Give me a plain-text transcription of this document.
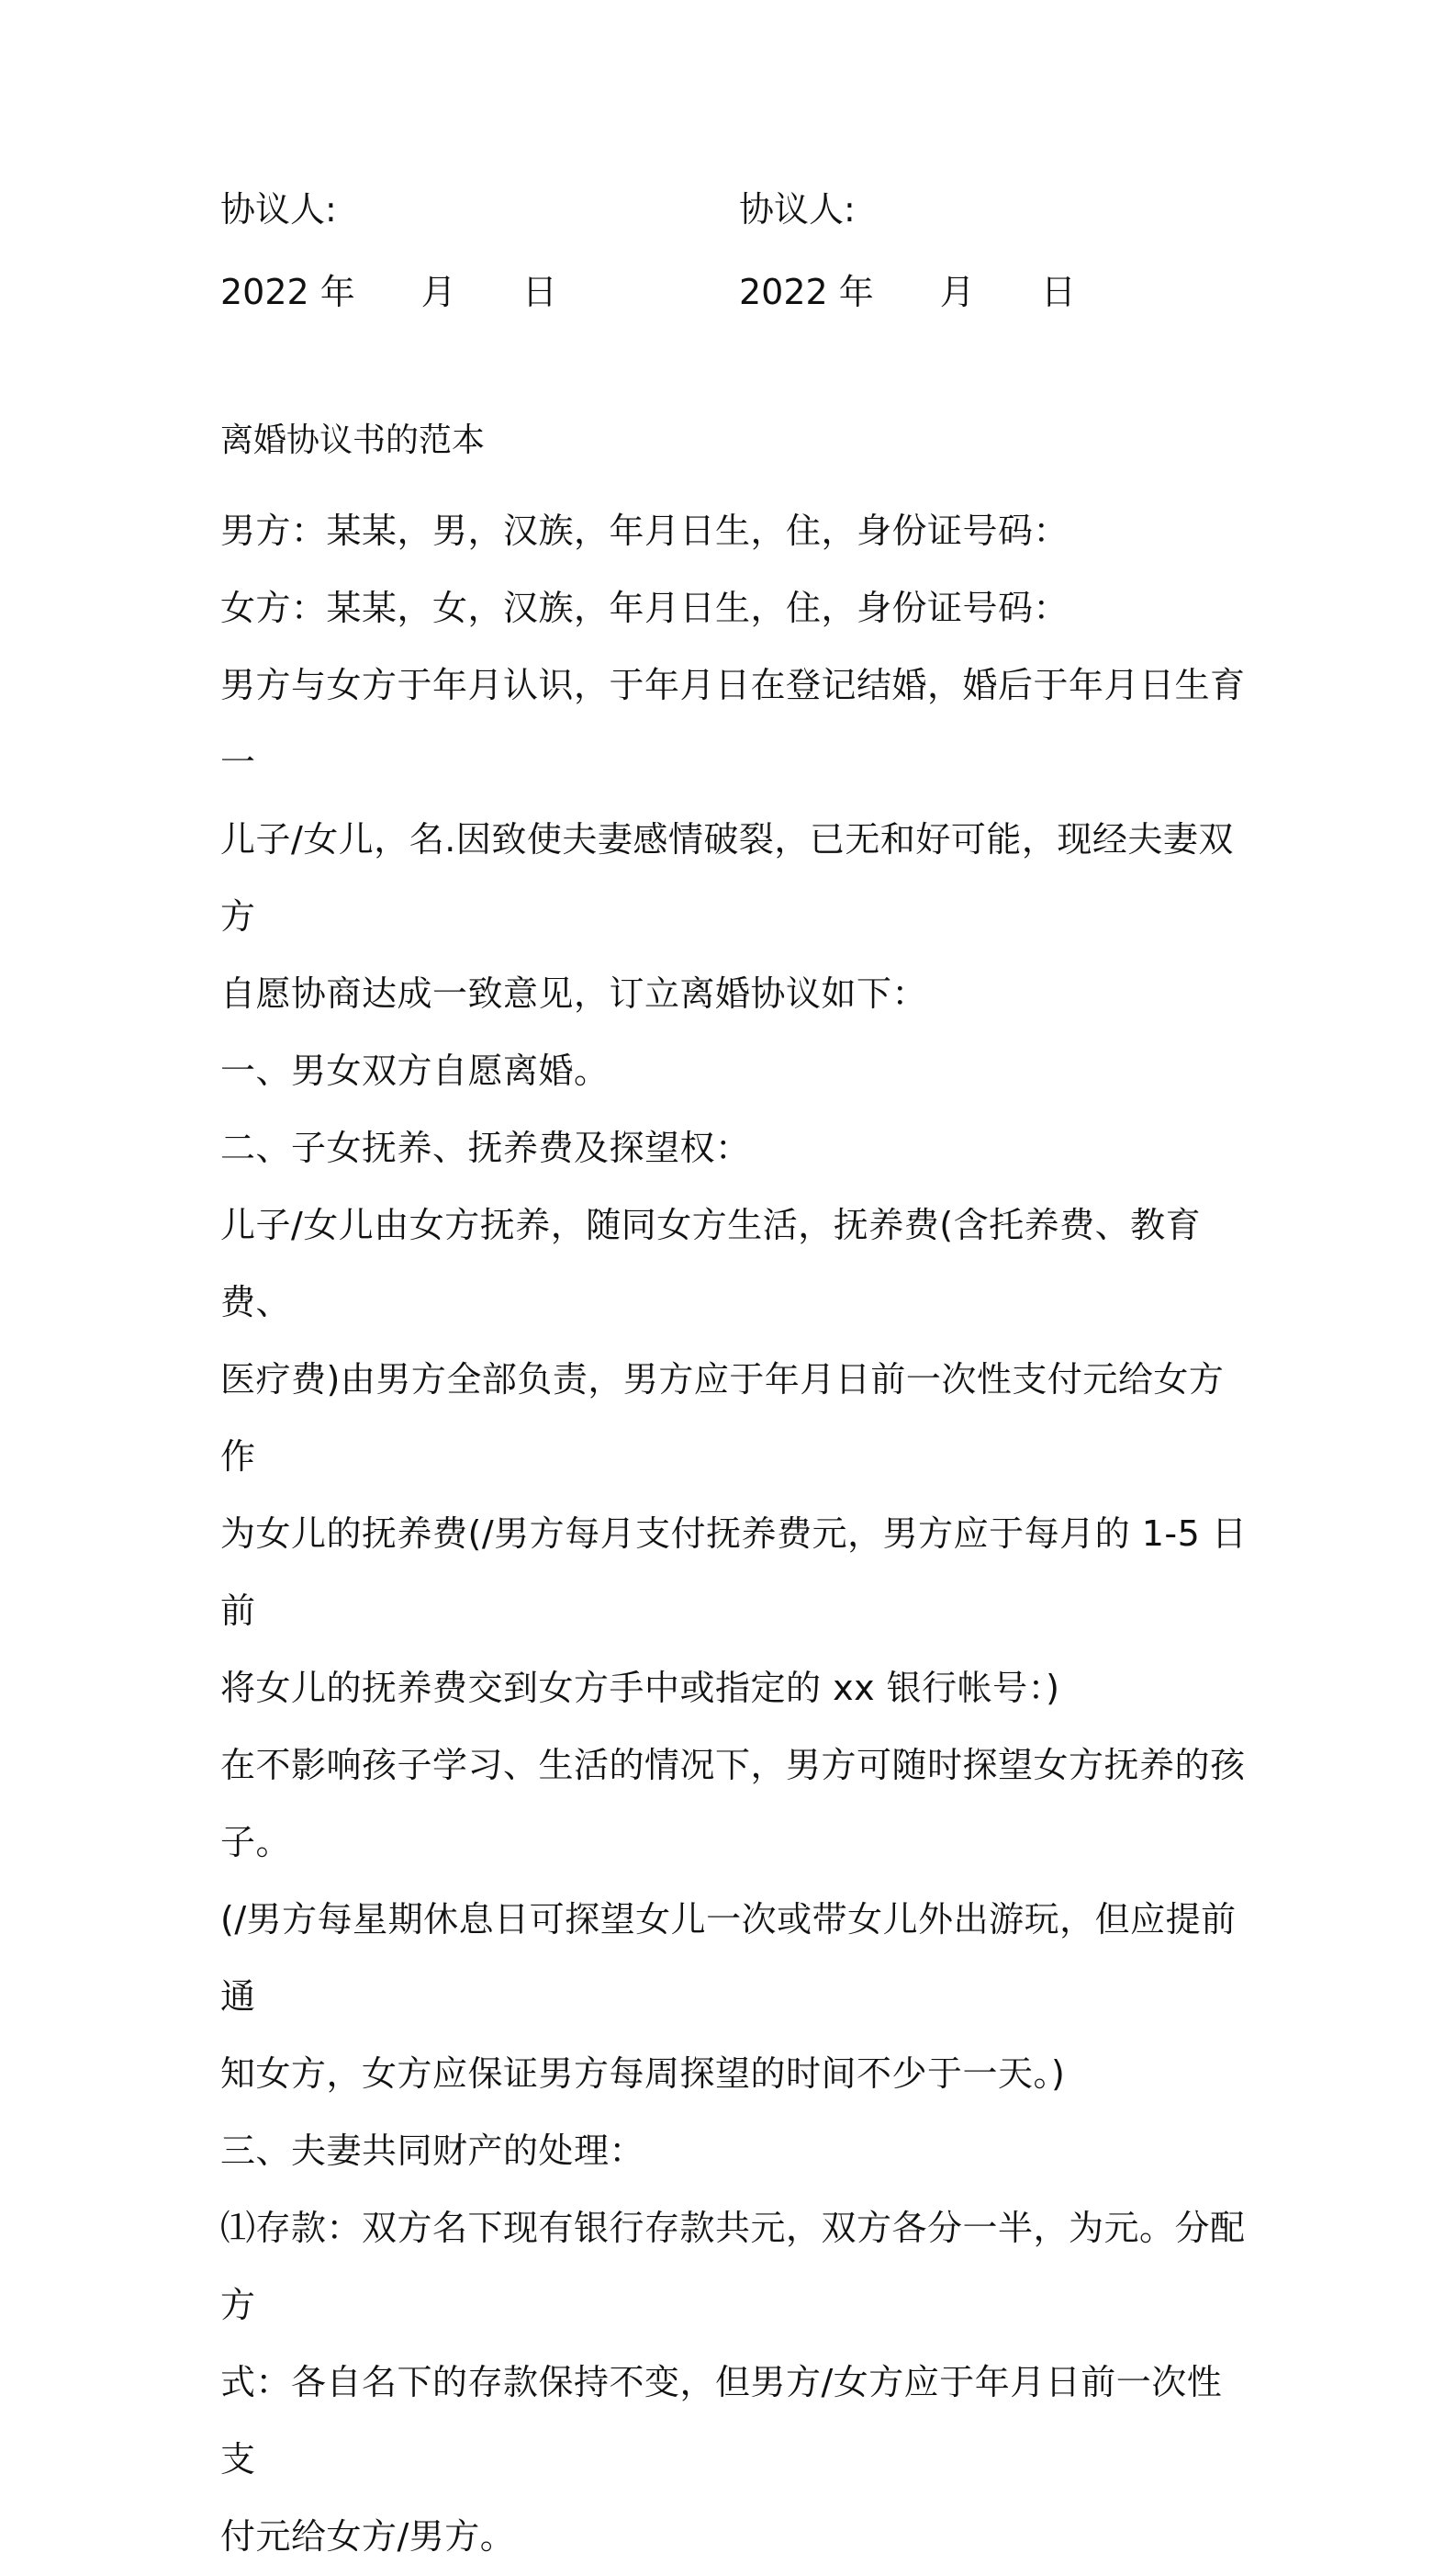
协议人:	协议人:
2022 年 月 日	2022 年 月 日
离婚协议书的范本

男方：某某，男，汉族，年月日生，住，身份证号码：

女方：某某，女，汉族，年月日生，住，身份证号码：

男方与女方于年月认识，于年月日在登记结婚，婚后于年月日生育一

儿子/女儿，名.因致使夫妻感情破裂，已无和好可能，现经夫妻双方

自愿协商达成一致意见，订立离婚协议如下：

一、男女双方自愿离婚。

二、子女抚养、抚养费及探望权：

儿子/女儿由女方抚养，随同女方生活，抚养费(含托养费、教育费、

医疗费)由男方全部负责，男方应于年月日前一次性支付元给女方作

为女儿的抚养费(/男方每月支付抚养费元，男方应于每月的 1-5 日前

将女儿的抚养费交到女方手中或指定的 xx 银行帐号：)

在不影响孩子学习、生活的情况下，男方可随时探望女方抚养的孩子。

(/男方每星期休息日可探望女儿一次或带女儿外出游玩，但应提前通

知女方，女方应保证男方每周探望的时间不少于一天。)

三、夫妻共同财产的处理：

⑴存款：双方名下现有银行存款共元，双方各分一半，为元。分配方

式：各自名下的存款保持不变，但男方/女方应于年月日前一次性支

付元给女方/男方。
